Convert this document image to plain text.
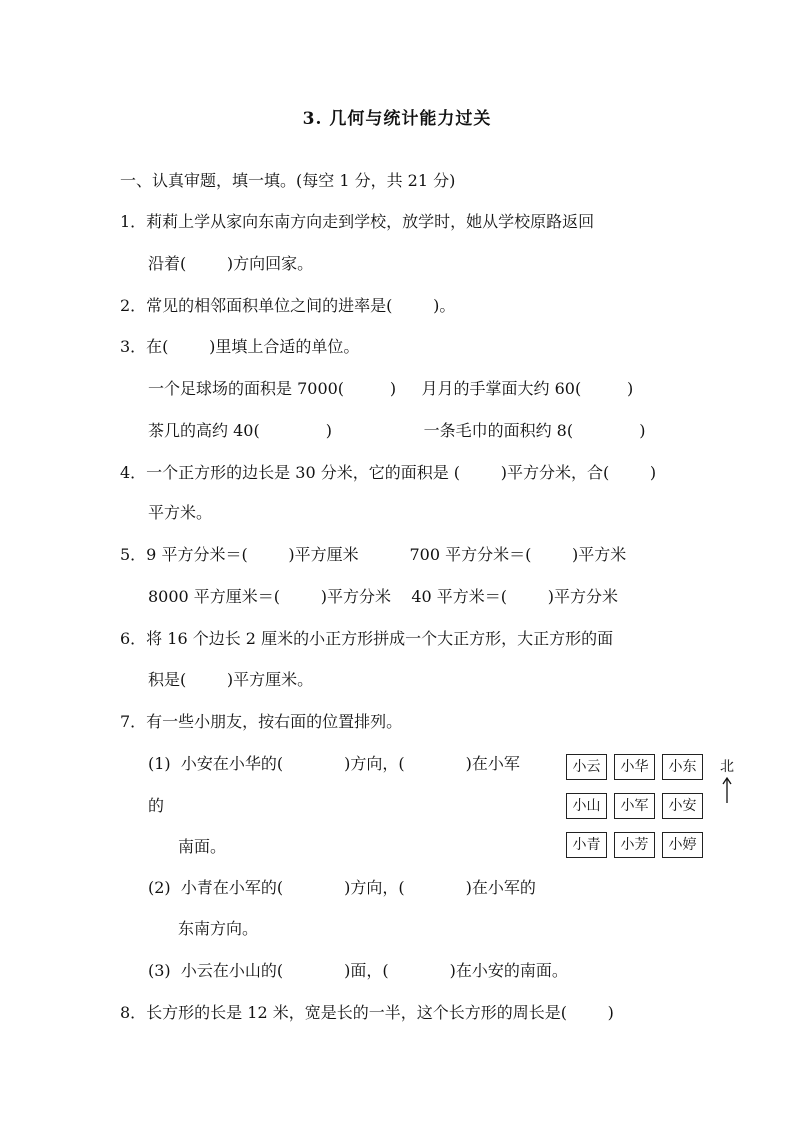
3. 几何与统计能力过关
一、认真审题，填一填。(每空 1 分，共 21 分)
1．莉莉上学从家向东南方向走到学校，放学时，她从学校原路返回
沿着(        )方向回家。
2．常见的相邻面积单位之间的进率是(        )。
3．在(        )里填上合适的单位。
一个足球场的面积是 7000(         )     月月的手掌面大约 60(         )
茶几的高约 40(             )                  一条毛巾的面积约 8(             )
4．一个正方形的边长是 30 分米，它的面积是 (        )平方分米，合(        )
平方米。
5．9 平方分米＝(        )平方厘米          700 平方分米＝(        )平方米
8000 平方厘米＝(        )平方分米    40 平方米＝(        )平方分米
6．将 16 个边长 2 厘米的小正方形拼成一个大正方形，大正方形的面
积是(        )平方厘米。
7．有一些小朋友，按右面的位置排列。
(1)  小安在小华的(            )方向，(            )在小军
的
南面。
(2)  小青在小军的(            )方向，(            )在小军的
东南方向。
(3)  小云在小山的(            )面，(            )在小安的南面。
8．长方形的长是 12 米，宽是长的一半，这个长方形的周长是(        )
小云	小华	小东
小山	小军	小安
小青	小芳	小婷
北
